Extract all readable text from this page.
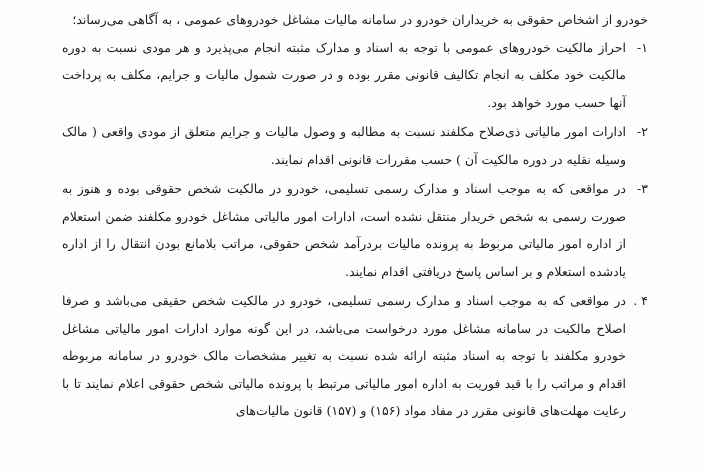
خودرو از اشخاص حقوقی به خریداران خودرو در سامانه مالیات مشاغل خودروهای عمومی ، به آگاهی می‌رساند؛

۱-
احراز مالکیت خودروهای عمومی با توجه به اسناد و مدارک مثبته انجام می‌پذیرد و هر مودی نسبت به دوره مالکیت خود مکلف به انجام تکالیف قانونی مقرر بوده و در صورت شمول مالیات و جرایم، مکلف به پرداخت آنها حسب مورد خواهد بود.
۲-
ادارات امور مالیاتی ذی‌صلاح مکلفند نسبت به مطالبه و وصول مالیات و جرایم متعلق از مودی واقعی ( مالک وسیله نقلیه در دوره مالکیت آن ) حسب مقررات قانونی اقدام نمایند.
۳-
در مواقعی که به موجب اسناد و مدارک رسمی تسلیمی، خودرو در مالکیت شخص حقوقی بوده و هنوز به صورت رسمی به شخص خریدار منتقل نشده است، ادارات امور مالیاتی مشاغل خودرو مکلفند ضمن استعلام از اداره امور مالیاتی مربوط به پرونده مالیات بردرآمد شخص حقوقی، مراتب بلامانع بودن انتقال را از اداره یادشده استعلام و بر اساس پاسخ دریافتی اقدام نمایند.
۴ .
در مواقعی که به موجب اسناد و مدارک رسمی تسلیمی، خودرو در مالکیت شخص حقیقی می‌باشد و صرفا اصلاح مالکیت در سامانه مشاغل مورد درخواست می‌باشد، در این گونه موارد ادارات امور مالیاتی مشاغل خودرو مکلفند با توجه به اسناد مثبته ارائه شده نسبت به تغییر مشخصات مالک خودرو در سامانه مربوطه اقدام و مراتب را با قید فوریت به اداره امور مالیاتی مرتبط با پرونده مالیاتی شخص حقوقی اعلام نمایند تا با رعایت مهلت‌های قانونی مقرر در مفاد مواد (۱۵۶) و (۱۵۷) قانون مالیات‌های
